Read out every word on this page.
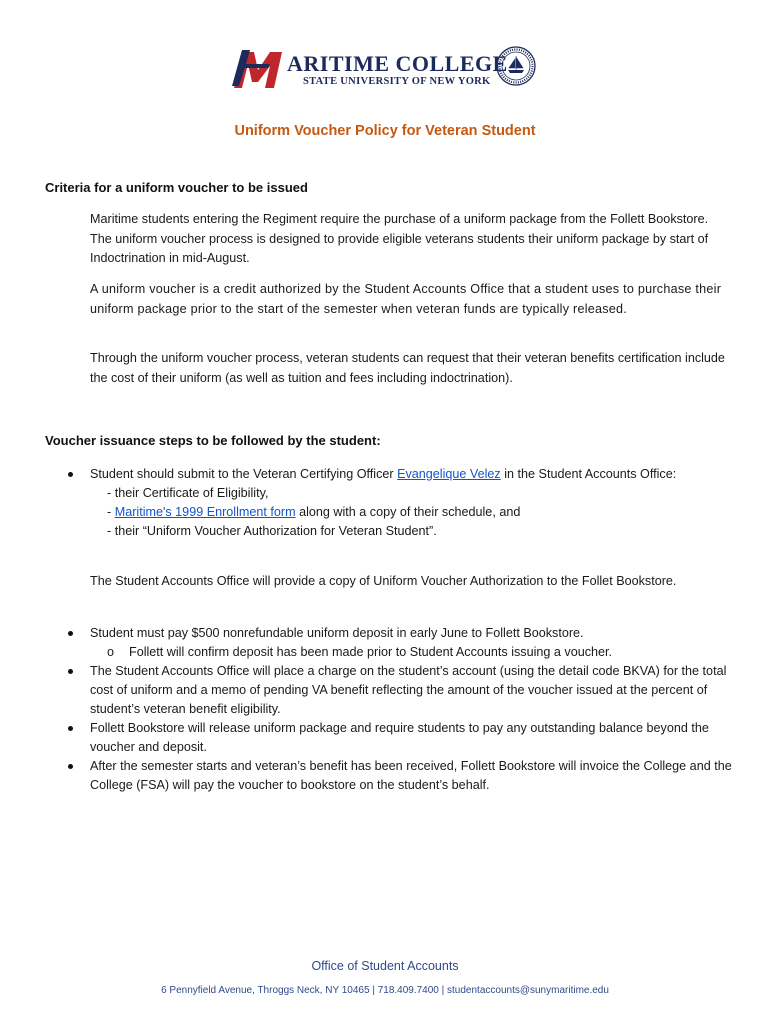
ARITIME COLLEGE
STATE UNIVERSITY OF NEW YORK
Uniform Voucher Policy for Veteran Student
Criteria for a uniform voucher to be issued

Maritime students entering the Regiment require the purchase of a uniform package from the Follett Bookstore. The uniform voucher process is designed to provide eligible veterans students their uniform package by start of Indoctrination in mid-August.

A uniform voucher is a credit authorized by the Student Accounts Office that a student uses to purchase their uniform package prior to the start of the semester when veteran funds are typically released.

Through the uniform voucher process, veteran students can request that their veteran benefits certification include the cost of their uniform (as well as tuition and fees including indoctrination).

Voucher issuance steps to be followed by the student:
Student should submit to the Veteran Certifying Officer Evangelique Velez in the Student Accounts Office:
- their Certificate of Eligibility,
- Maritime's 1999 Enrollment form along with a copy of their schedule, and
- their “Uniform Voucher Authorization for Veteran Student”.

The Student Accounts Office will provide a copy of Uniform Voucher Authorization to the Follet Bookstore.

Student must pay $500 nonrefundable uniform deposit in early June to Follett Bookstore.
o Follett will confirm deposit has been made prior to Student Accounts issuing a voucher.
The Student Accounts Office will place a charge on the student’s account (using the detail code BKVA) for the total cost of uniform and a memo of pending VA benefit reflecting the amount of the voucher issued at the percent of student’s veteran benefit eligibility.
Follett Bookstore will release uniform package and require students to pay any outstanding balance beyond the voucher and deposit.
After the semester starts and veteran’s benefit has been received, Follett Bookstore will invoice the College and the College (FSA) will pay the voucher to bookstore on the student’s behalf.
Office of Student Accounts
6 Pennyfield Avenue, Throggs Neck, NY 10465 | 718.409.7400 | studentaccounts@sunymaritime.edu
